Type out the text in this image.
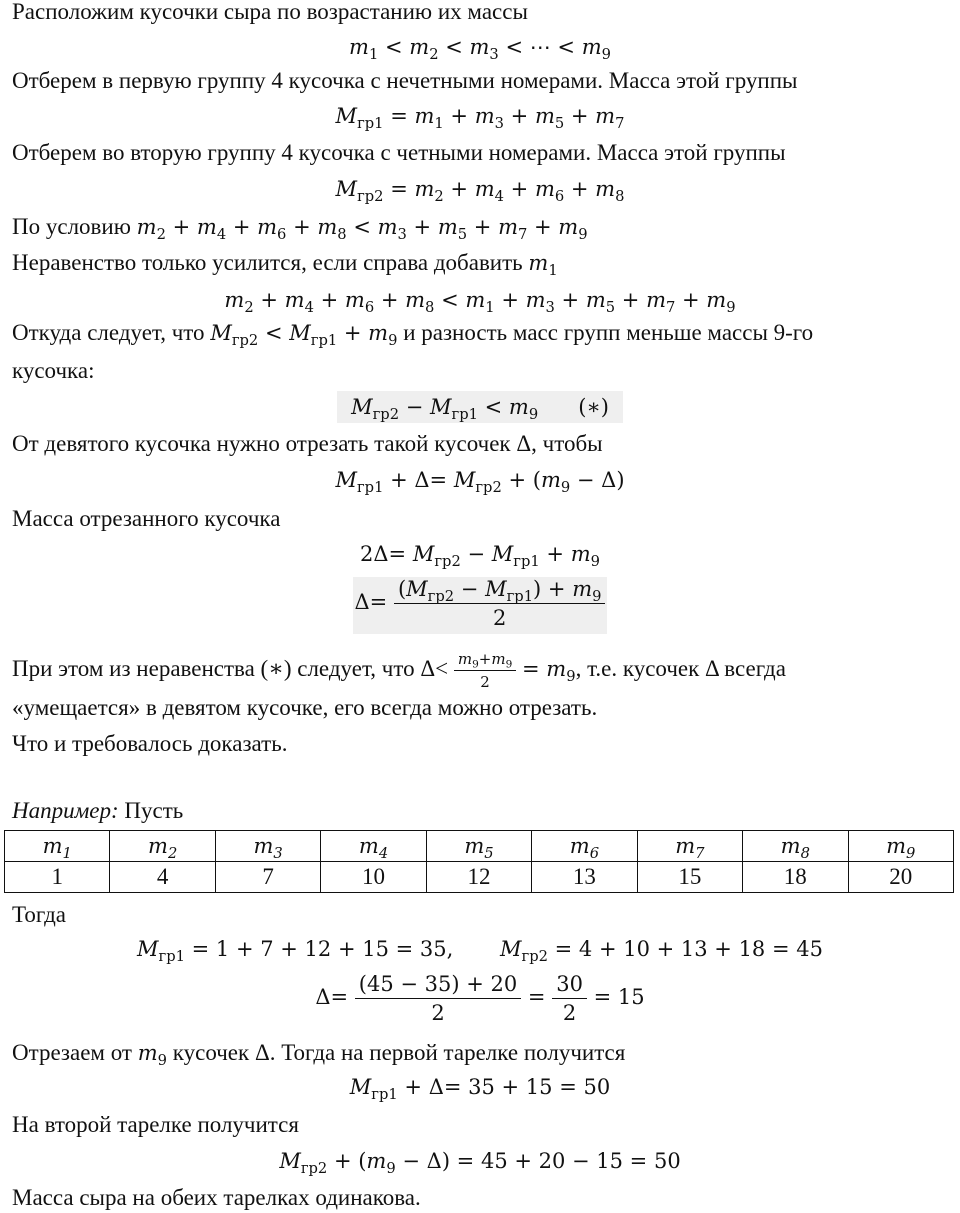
Расположим кусочки сыра по возрастанию их массы
$m_1 < m_2 < m_3$ < ⋯ < $m_9$
Отберем в первую группу 4 кусочка с нечетными номерами. Масса этой группы
$M_{гр1} = m_1 + m_3 + m_5 + m_7$
Отберем во вторую группу 4 кусочка с четными номерами. Масса этой группы
$M_{гр2} = m_2 + m_4 + m_6 + m_8$
По условию $m_2 + m_4 + m_6 + m_8 < m_3 + m_5 + m_7 + m_9$
Неравенство только усилится, если справа добавить $m_1$
$m_2 + m_4 + m_6 + m_8 < m_1 + m_3 + m_5 + m_7 + m_9$
Откуда следует, что $M_{гр2} < M_{гр1} + m_9$ и разность масс групп меньше массы 9-го
кусочка:
$M_{гр2} - M_{гр1} < m_9$      (∗)
От девятого кусочка нужно отрезать такой кусочек Δ, чтобы
$M_{гр1} + \Delta= M_{гр2} + (m_9 - \Delta)$
Масса отрезанного кусочка
$2\Delta= M_{гр2} - M_{гр1} + m_9$
$\Delta= \frac{(M_{гр2} - M_{гр1}) + m_9}{2}$
При этом из неравенства (∗) следует, что $\Delta< \frac{m_9+m_9}{2} = m_9$, т.е. кусочек Δ всегда
«умещается» в девятом кусочке, его всегда можно отрезать.
Что и требовалось доказать.
Например: Пусть
$m_1$	$m_2$	$m_3$	$m_4$	$m_5$	$m_6$	$m_7$	$m_8$	$m_9$
1	4	7	10	12	13	15	18	20
Тогда
$M_{гр1} = 1 + 7 + 12 + 15 = 35$,       $M_{гр2} = 4 + 10 + 13 + 18 = 45$
$\Delta= \frac{(45 - 35) + 20}{2} = \frac{30}{2} = 15$
Отрезаем от $m_9$ кусочек Δ. Тогда на первой тарелке получится
$M_{гр1} + \Delta= 35 + 15 = 50$
На второй тарелке получится
$M_{гр2} + (m_9 - \Delta) = 45 + 20 - 15 = 50$
Масса сыра на обеих тарелках одинакова.
